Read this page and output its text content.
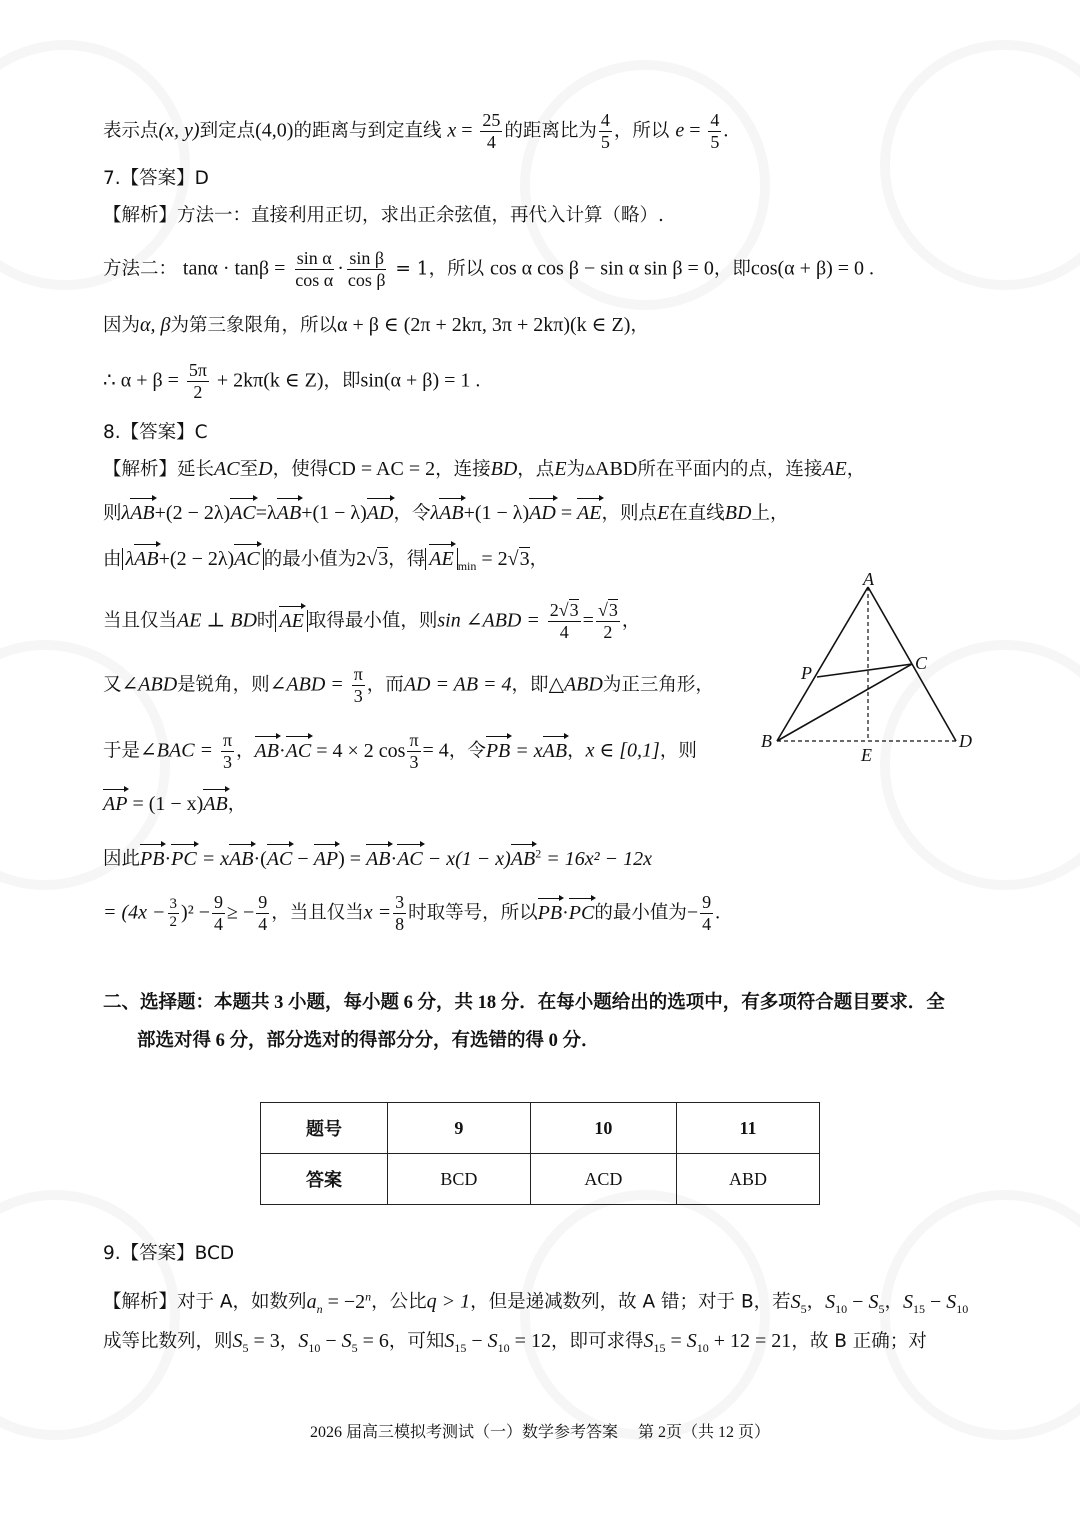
表示点(x, y)到定点(4,0)的距离与到定直线 $x = \frac{25}{4}$ 的距离比为 $\frac{4}{5}$ ，所以 $e = \frac{4}{5}$ .
7.【答案】D
【解析】方法一：直接利用正切，求出正余弦值，再代入计算（略）.
方法二： $\tan\alpha \cdot \tan\beta = \frac{\text{sin α}}{\text{cos α}} \cdot \frac{\text{sin β}}{\text{cos β}} = 1$，所以 cos α cos β − sin α sin β = 0，即cos(α + β) = 0 .
因为α, β为第三象限角，所以α + β ∈ (2π + 2kπ, 3π + 2kπ)(k ∈ Z)，
∴ $\alpha + \beta = \frac{5\pi}{2} + 2k\pi(k$ ∈ Z)，即sin(α + β) = 1 .
8.【答案】C
【解析】延长AC至D，使得CD = AC = 2，连接BD，点E为▵ABD所在平面内的点，连接AE，
则λAB+(2 − 2λ)AC=λAB+(1 − λ)AD，令λAB+(1 − λ)AD = AE，则点E在直线BD上，
由 λAB+(2 − 2λ)AC 的最小值为2√3，得 AE $_{min}$ = 2√3，
当且仅当AE ⊥ BD时 AE 取得最小值，则sin ∠ABD = $\frac{2√3}{4} = \frac{√3}{2}$ ，
又∠ABD是锐角，则∠ABD = $\frac{\pi}{3}$ ，而AD = AB = 4，即△ABD为正三角形，
于是∠BAC = $\frac{\pi}{3}$ ，AB·AC = 4 × 2 $\cos \frac{\pi}{3} = 4$，令PB = xAB，x ∈ [0,1]，则
AP = (1 − x)AB，
因此$PB\cdot PC = xAB\cdot(AC - AP) = AB\cdot AC - x(1 - x)AB^2 = 16x^2 - 12x$
= $(4x - \frac{3}{2} )^2 - \frac{9}{4}$ ≥ − $\frac{9}{4}$ ，当且仅当$x = \frac{3}{8}$ 时取等号，所以PB·PC的最小值为− $\frac{9}{4}$ .
A
P	C
B
E
D
二、选择题：本题共 3 小题，每小题 6 分，共 18 分．在每小题给出的选项中，有多项符合题目要求．全
部选对得 6 分，部分选对的得部分分，有选错的得 0 分．
题号	9	10	11
答案	BCD	ACD	ABD
9.【答案】BCD
【解析】对于 A，如数列$a_n = -2^n$，公比q > 1，但是递减数列，故 A 错；对于 B，若$S_5$，$S_{10} - S_5$，$S_{15} - S_{10}$
成等比数列，则$S_5 = 3$，$S_{10} - S_5 = 6$，可知$S_{15} - S_{10} = 12$，即可求得$S_{15} = S_{10} + 12 = 21$，故 B 正确；对
2026 届高三模拟考测试（一）数学参考答案　 第 2页（共 12 页）
